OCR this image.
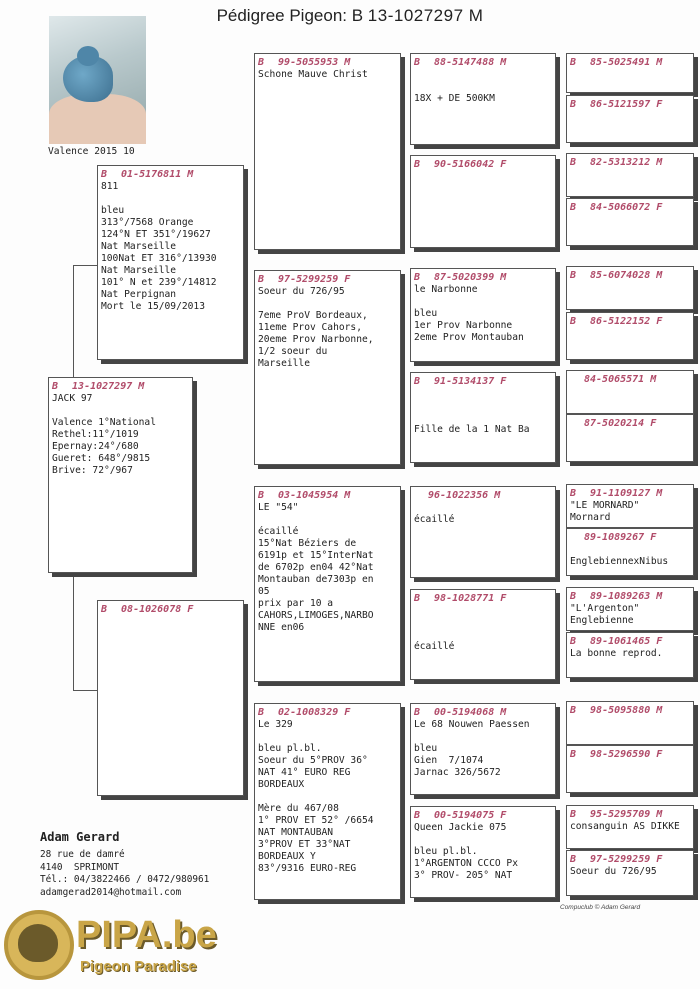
Pédigree Pigeon: B 13-1027297 M
Valence 2015 10
B 13-1027297 M
JACK 97

Valence 1°National
Rethel:11°/1019
Epernay:24°/680
Gueret: 648°/9815
Brive: 72°/967
B 01-5176811 M
811

bleu
313°/7568 Orange
124°N ET 351°/19627
Nat Marseille
100Nat ET 316°/13930
Nat Marseille
101° N et 239°/14812
Nat Perpignan
Mort le 15/09/2013
B 08-1026078 F
B 99-5055953 M
Schone Mauve Christ
B 97-5299259 F
Soeur du 726/95

7eme ProV Bordeaux,
11eme Prov Cahors,
20eme Prov Narbonne,
1/2 soeur du
Marseille
B 03-1045954 M
LE "54"

écaillé
15°Nat Béziers de
6191p et 15°InterNat
de 6702p en04 42°Nat
Montauban de7303p en
05
prix par 10 a
CAHORS,LIMOGES,NARBO
NNE en06
B 02-1008329 F
Le 329

bleu pl.bl.
Soeur du 5°PROV 36°
NAT 41° EURO REG
BORDEAUX

Mère du 467/08
1° PROV ET 52° /6654
NAT MONTAUBAN
3°PROV ET 33°NAT
BORDEAUX Y
83°/9316 EURO-REG
B 88-5147488 M

18X + DE 500KM
B 90-5166042 F
B 87-5020399 M
le Narbonne

bleu
1er Prov Narbonne
2eme Prov Montauban
B 91-5134137 F

Fille de la 1 Nat Ba
96-1022356 M

écaillé
B 98-1028771 F

écaillé
B 00-5194068 M
Le 68 Nouwen Paessen

bleu
Gien  7/1074
Jarnac 326/5672
B 00-5194075 F
Queen Jackie 075

bleu pl.bl.
1°ARGENTON CCCO Px
3° PROV- 205° NAT
B 85-5025491 M
B 86-5121597 F
B 82-5313212 M
B 84-5066072 F
B 85-6074028 M
B 86-5122152 F
84-5065571 M
87-5020214 F
B 91-1109127 M
"LE MORNARD"
Mornard
89-1089267 F

EnglebiennexNibus
B 89-1089263 M
"L'Argenton"
Englebienne
B 89-1061465 F
La bonne reprod.
B 98-5095880 M
B 98-5296590 F
B 95-5295709 M
consanguin AS DIKKE
B 97-5299259 F
Soeur du 726/95
Adam Gerard
28 rue de damré
4140  SPRIMONT
Tél.: 04/3822466 / 0472/980961
adamgerad2014@hotmail.com
Compuclub © Adam Gerard
PIPA.be
Pigeon Paradise
